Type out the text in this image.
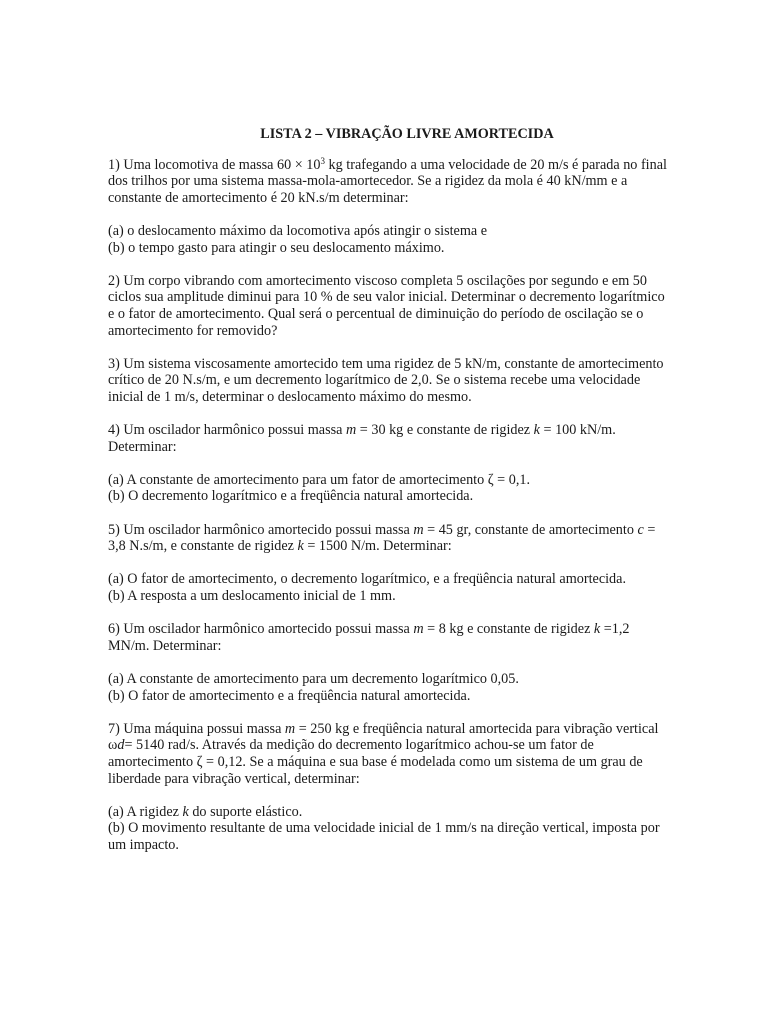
LISTA 2 – VIBRAÇÃO LIVRE AMORTECIDA

1) Uma locomotiva de massa $60 \times 10^3$ kg trafegando a uma velocidade de 20 m/s é parada no final dos trilhos por uma sistema massa-mola-amortecedor. Se a rigidez da mola é 40 kN/mm e a constante de amortecimento é 20 kN.s/m determinar:

(a) o deslocamento máximo da locomotiva após atingir o sistema e

(b) o tempo gasto para atingir o seu deslocamento máximo.

2) Um corpo vibrando com amortecimento viscoso completa 5 oscilações por segundo e em 50 ciclos sua amplitude diminui para 10 % de seu valor inicial. Determinar o decremento logarítmico e o fator de amortecimento. Qual será o percentual de diminuição do período de oscilação se o amortecimento for removido?

3) Um sistema viscosamente amortecido tem uma rigidez de 5 kN/m, constante de amortecimento crítico de 20 N.s/m, e um decremento logarítmico de 2,0. Se o sistema recebe uma velocidade inicial de 1 m/s, determinar o deslocamento máximo do mesmo.

4) Um oscilador harmônico possui massa m = 30 kg e constante de rigidez k = 100 kN/m. Determinar:

(a) A constante de amortecimento para um fator de amortecimento ζ = 0,1.

(b) O decremento logarítmico e a freqüência natural amortecida.

5) Um oscilador harmônico amortecido possui massa m = 45 gr, constante de amortecimento c = 3,8 N.s/m, e constante de rigidez k = 1500 N/m. Determinar:

(a) O fator de amortecimento, o decremento logarítmico, e a freqüência natural amortecida.

(b) A resposta a um deslocamento inicial de 1 mm.

6) Um oscilador harmônico amortecido possui massa m = 8 kg e constante de rigidez k =1,2 MN/m. Determinar:

(a) A constante de amortecimento para um decremento logarítmico 0,05.

(b) O fator de amortecimento e a freqüência natural amortecida.

7) Uma máquina possui massa m = 250 kg e freqüência natural amortecida para vibração vertical ωd= 5140 rad/s. Através da medição do decremento logarítmico achou-se um fator de amortecimento ζ = 0,12. Se a máquina e sua base é modelada como um sistema de um grau de liberdade para vibração vertical, determinar:

(a) A rigidez k do suporte elástico.

(b) O movimento resultante de uma velocidade inicial de 1 mm/s na direção vertical, imposta por um impacto.
